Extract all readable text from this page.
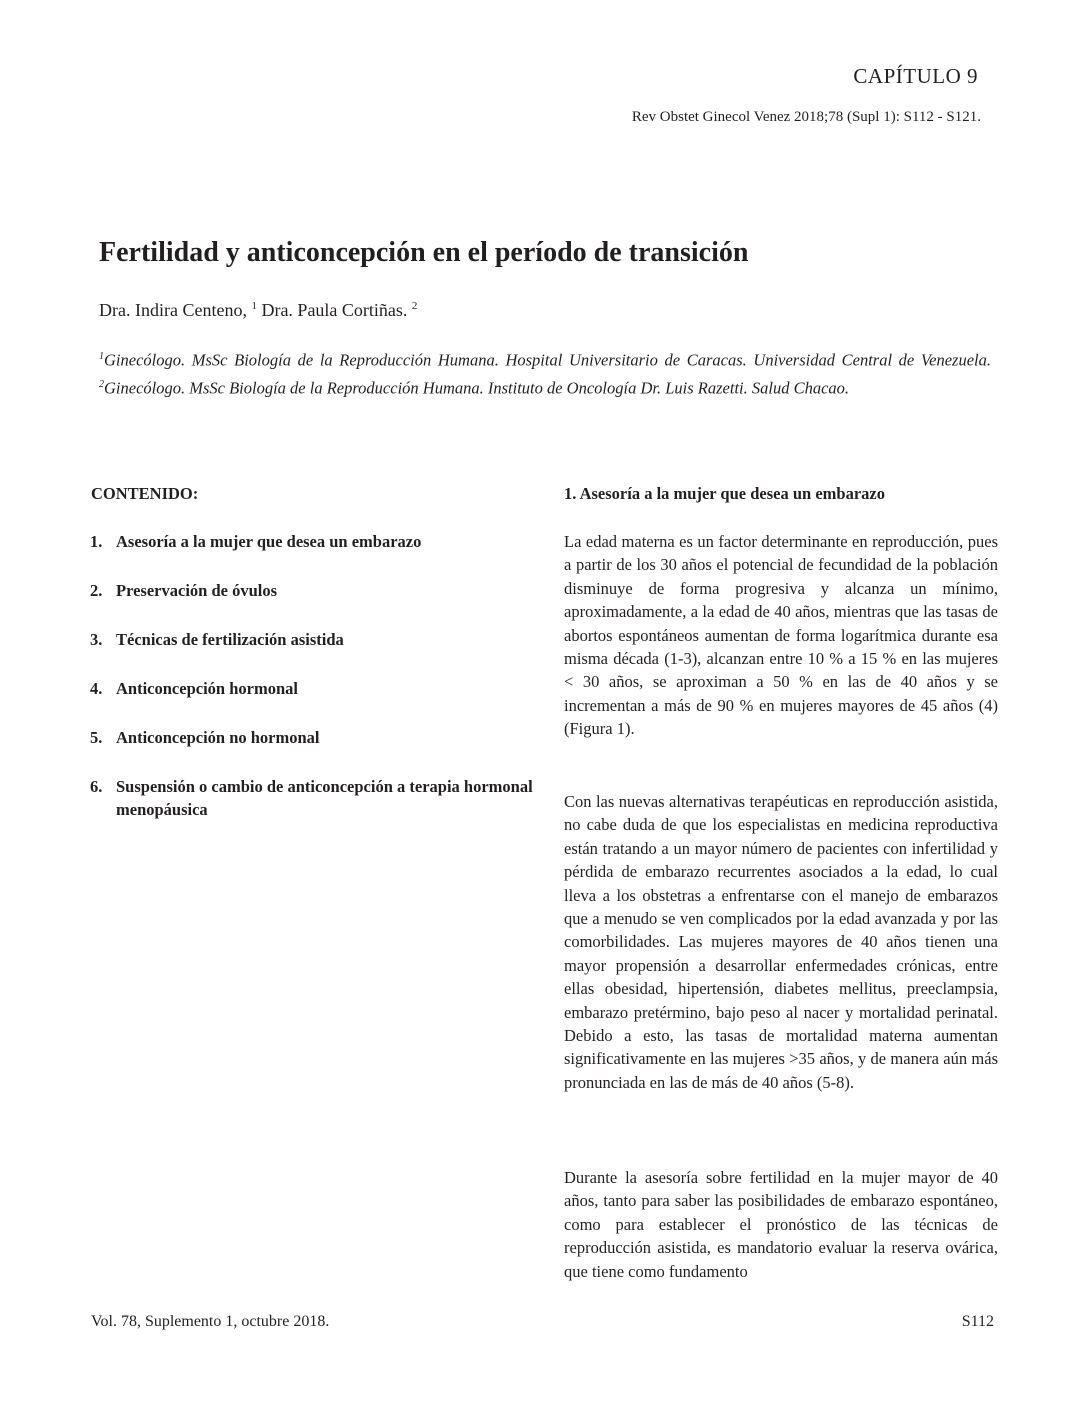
CAPÍTULO 9
Rev Obstet Ginecol Venez 2018;78 (Supl 1): S112 - S121.
Fertilidad y anticoncepción en el período de transición
Dra. Indira Centeno, $^1$ Dra. Paula Cortiñas. $^2$

$^1$Ginecólogo. MsSc Biología de la Reproducción Humana. Hospital Universitario de Caracas. Universidad Central de Venezuela. $^2$Ginecólogo. MsSc Biología de la Reproducción Humana. Instituto de Oncología Dr. Luis Razetti. Salud Chacao.

CONTENIDO:
1. Asesoría a la mujer que desea un embarazo
2. Preservación de óvulos
3. Técnicas de fertilización asistida
4. Anticoncepción hormonal
5. Anticoncepción no hormonal
6. Suspensión o cambio de anticoncepción a terapia hormonal menopáusica
1. Asesoría a la mujer que desea un embarazo

La edad materna es un factor determinante en reproducción, pues a partir de los 30 años el potencial de fecundidad de la población disminuye de forma progresiva y alcanza un mínimo, aproximadamente, a la edad de 40 años, mientras que las tasas de abortos espontáneos aumentan de forma logarítmica durante esa misma década (1-3), alcanzan entre 10 % a 15 % en las mujeres < 30 años, se aproximan a 50 % en las de 40 años y se incrementan a más de 90 % en mujeres mayores de 45 años (4) (Figura 1).

Con las nuevas alternativas terapéuticas en reproducción asistida, no cabe duda de que los especialistas en medicina reproductiva están tratando a un mayor número de pacientes con infertilidad y pérdida de embarazo recurrentes asociados a la edad, lo cual lleva a los obstetras a enfrentarse con el manejo de embarazos que a menudo se ven complicados por la edad avanzada y por las comorbilidades. Las mujeres mayores de 40 años tienen una mayor propensión a desarrollar enfermedades crónicas, entre ellas obesidad, hipertensión, diabetes mellitus, preeclampsia, embarazo pretérmino, bajo peso al nacer y mortalidad perinatal. Debido a esto, las tasas de mortalidad materna aumentan significativamente en las mujeres >35 años, y de manera aún más pronunciada en las de más de 40 años (5-8).

Durante la asesoría sobre fertilidad en la mujer mayor de 40 años, tanto para saber las posibilidades de embarazo espontáneo, como para establecer el pronóstico de las técnicas de reproducción asistida, es mandatorio evaluar la reserva ovárica, que tiene como fundamento

Vol. 78, Suplemento 1, octubre 2018.	S112
